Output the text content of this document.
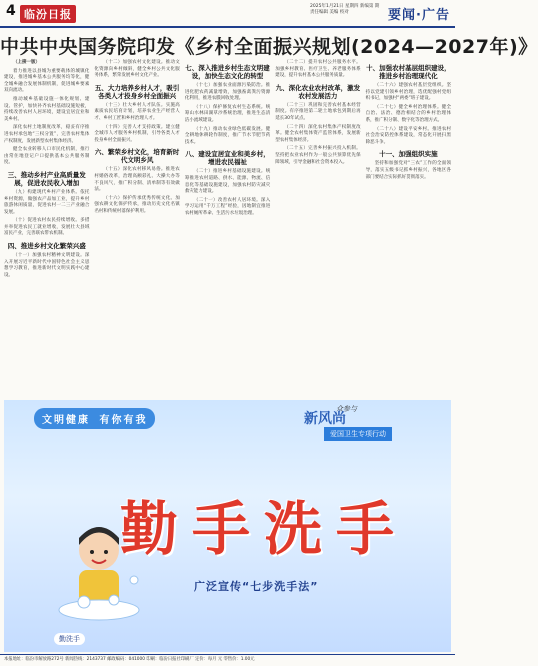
4 临汾日报
2025年1月21日 星期四 新编第 期 责任编辑 美编 校对	要闻·广告
中共中央国务院印发《乡村全面振兴规划(2024—2027年)》

（上接一版）

着力推进以县城为重要载体的城镇化建设，推进城乡基本公共服务均等化，健全城乡融合发展体制机制，促进城乡要素双向流动。

推动城乡基础设施一体化规划、建设、管护，加快补齐农村基础设施短板，持续改善农村人居环境，建设宜居宜业和美乡村。

深化农村土地制度改革，稳妥有序推进农村承包地“三权分置”，完善农村集体产权制度，发展新型农村集体经济。

健全农业转移人口市民化机制，推行由常住地登记户口提供基本公共服务制度。

三、推动乡村产业高质量发展，促进农民收入增加

（九）构建现代乡村产业体系。依托乡村资源，做强农产品加工业，提升乡村旅游休闲质量，促进农村一二三产业融合发展。

（十）促进农村农民持续增收。多措并举促进农民工就业增收，发展壮大县域富民产业，完善联农带农机制。

四、推进乡村文化繁荣兴盛

（十一）加强农村精神文明建设。深入开展习近平新时代中国特色社会主义思想学习教育，推进新时代文明实践中心建设。

（十二）加强农村文化建设。推动文化资源向乡村倾斜，健全乡村公共文化服务体系，繁荣发展乡村文化产业。

五、大力培养乡村人才，吸引各类人才投身乡村全面振兴

（十三）壮大乡村人才队伍。实施高素质农民培育计划，培养农业生产经营人才、乡村工匠和乡村治理人才。

（十四）完善人才支持政策。建立健全城市人才服务乡村机制，引导各类人才投身乡村全面振兴。

六、繁荣乡村文化，培育新时代文明乡风

（十五）深化农村移风易俗。推进农村婚俗改革，治理高额彩礼、大操大办等不良风气，推广积分制、清单制等有效做法。

（十六）保护传承优秀传统文化。加强农耕文化保护传承，推动历史文化名镇名村和传统村落保护利用。

七、深入推进乡村生态文明建设，加快生态文化的转型

（十七）加强农业面源污染防治。推进化肥农药减量增效，加强畜禽粪污资源化利用，推进农膜回收处理。

（十八）保护修复农村生态系统。统筹山水林田湖草沙系统治理，推进生态清洁小流域建设。

（十九）推动农业绿色低碳发展。健全耕地休耕轮作制度，推广节水节肥节药技术。

八、建设宜居宜业和美乡村，增进农民福祉

（二十）推进乡村基础设施建设。统筹推进农村道路、供水、能源、物流、信息化等基础设施建设，加强农村防灾减灾救灾能力建设。

（二十一）改善农村人居环境。深入学习运用“千万工程”经验，因地制宜推进农村厕所革命、生活污水垃圾治理。

（二十二）提升农村公共服务水平。加强乡村教育、医疗卫生、养老服务体系建设，提升农村基本公共服务质量。

九、深化农业农村改革，激发农村发展活力

（二十三）巩固和完善农村基本经营制度。有序推进第二轮土地承包到期后再延长30年试点。

（二十四）深化农村集体产权制度改革。健全农村集体资产监管体系，发展新型农村集体经济。

（二十五）完善乡村振兴投入机制。坚持把农业农村作为一般公共预算优先保障领域，引导金融和社会资本投入。

十、加强农村基层组织建设，推进乡村治理现代化

（二十六）建强农村基层党组织。坚持以党建引领乡村治理，选优配强村党组织书记，加强村“两委”班子建设。

（二十七）健全乡村治理体系。健全自治、法治、德治相结合的乡村治理体系，推广积分制、数字化等治理方式。

（二十八）建设平安乡村。推进农村社会治安防控体系建设，常态化开展扫黑除恶斗争。

十一、加强组织实施

坚持和加强党对“三农”工作的全面领导，落实五级书记抓乡村振兴，各地区各部门要结合实际抓好贯彻落实。

文明健康 有你有我
众参与
新风尚
爱国卫生专项行动
勤洗手
勤手洗手
广泛宣传“七步洗手法”
本报地址：临汾市解放路272号 新闻热线：2143737 邮政编码：041000 印刷：临汾日报社印刷厂 定价：每月 元 零售价：1.00元
